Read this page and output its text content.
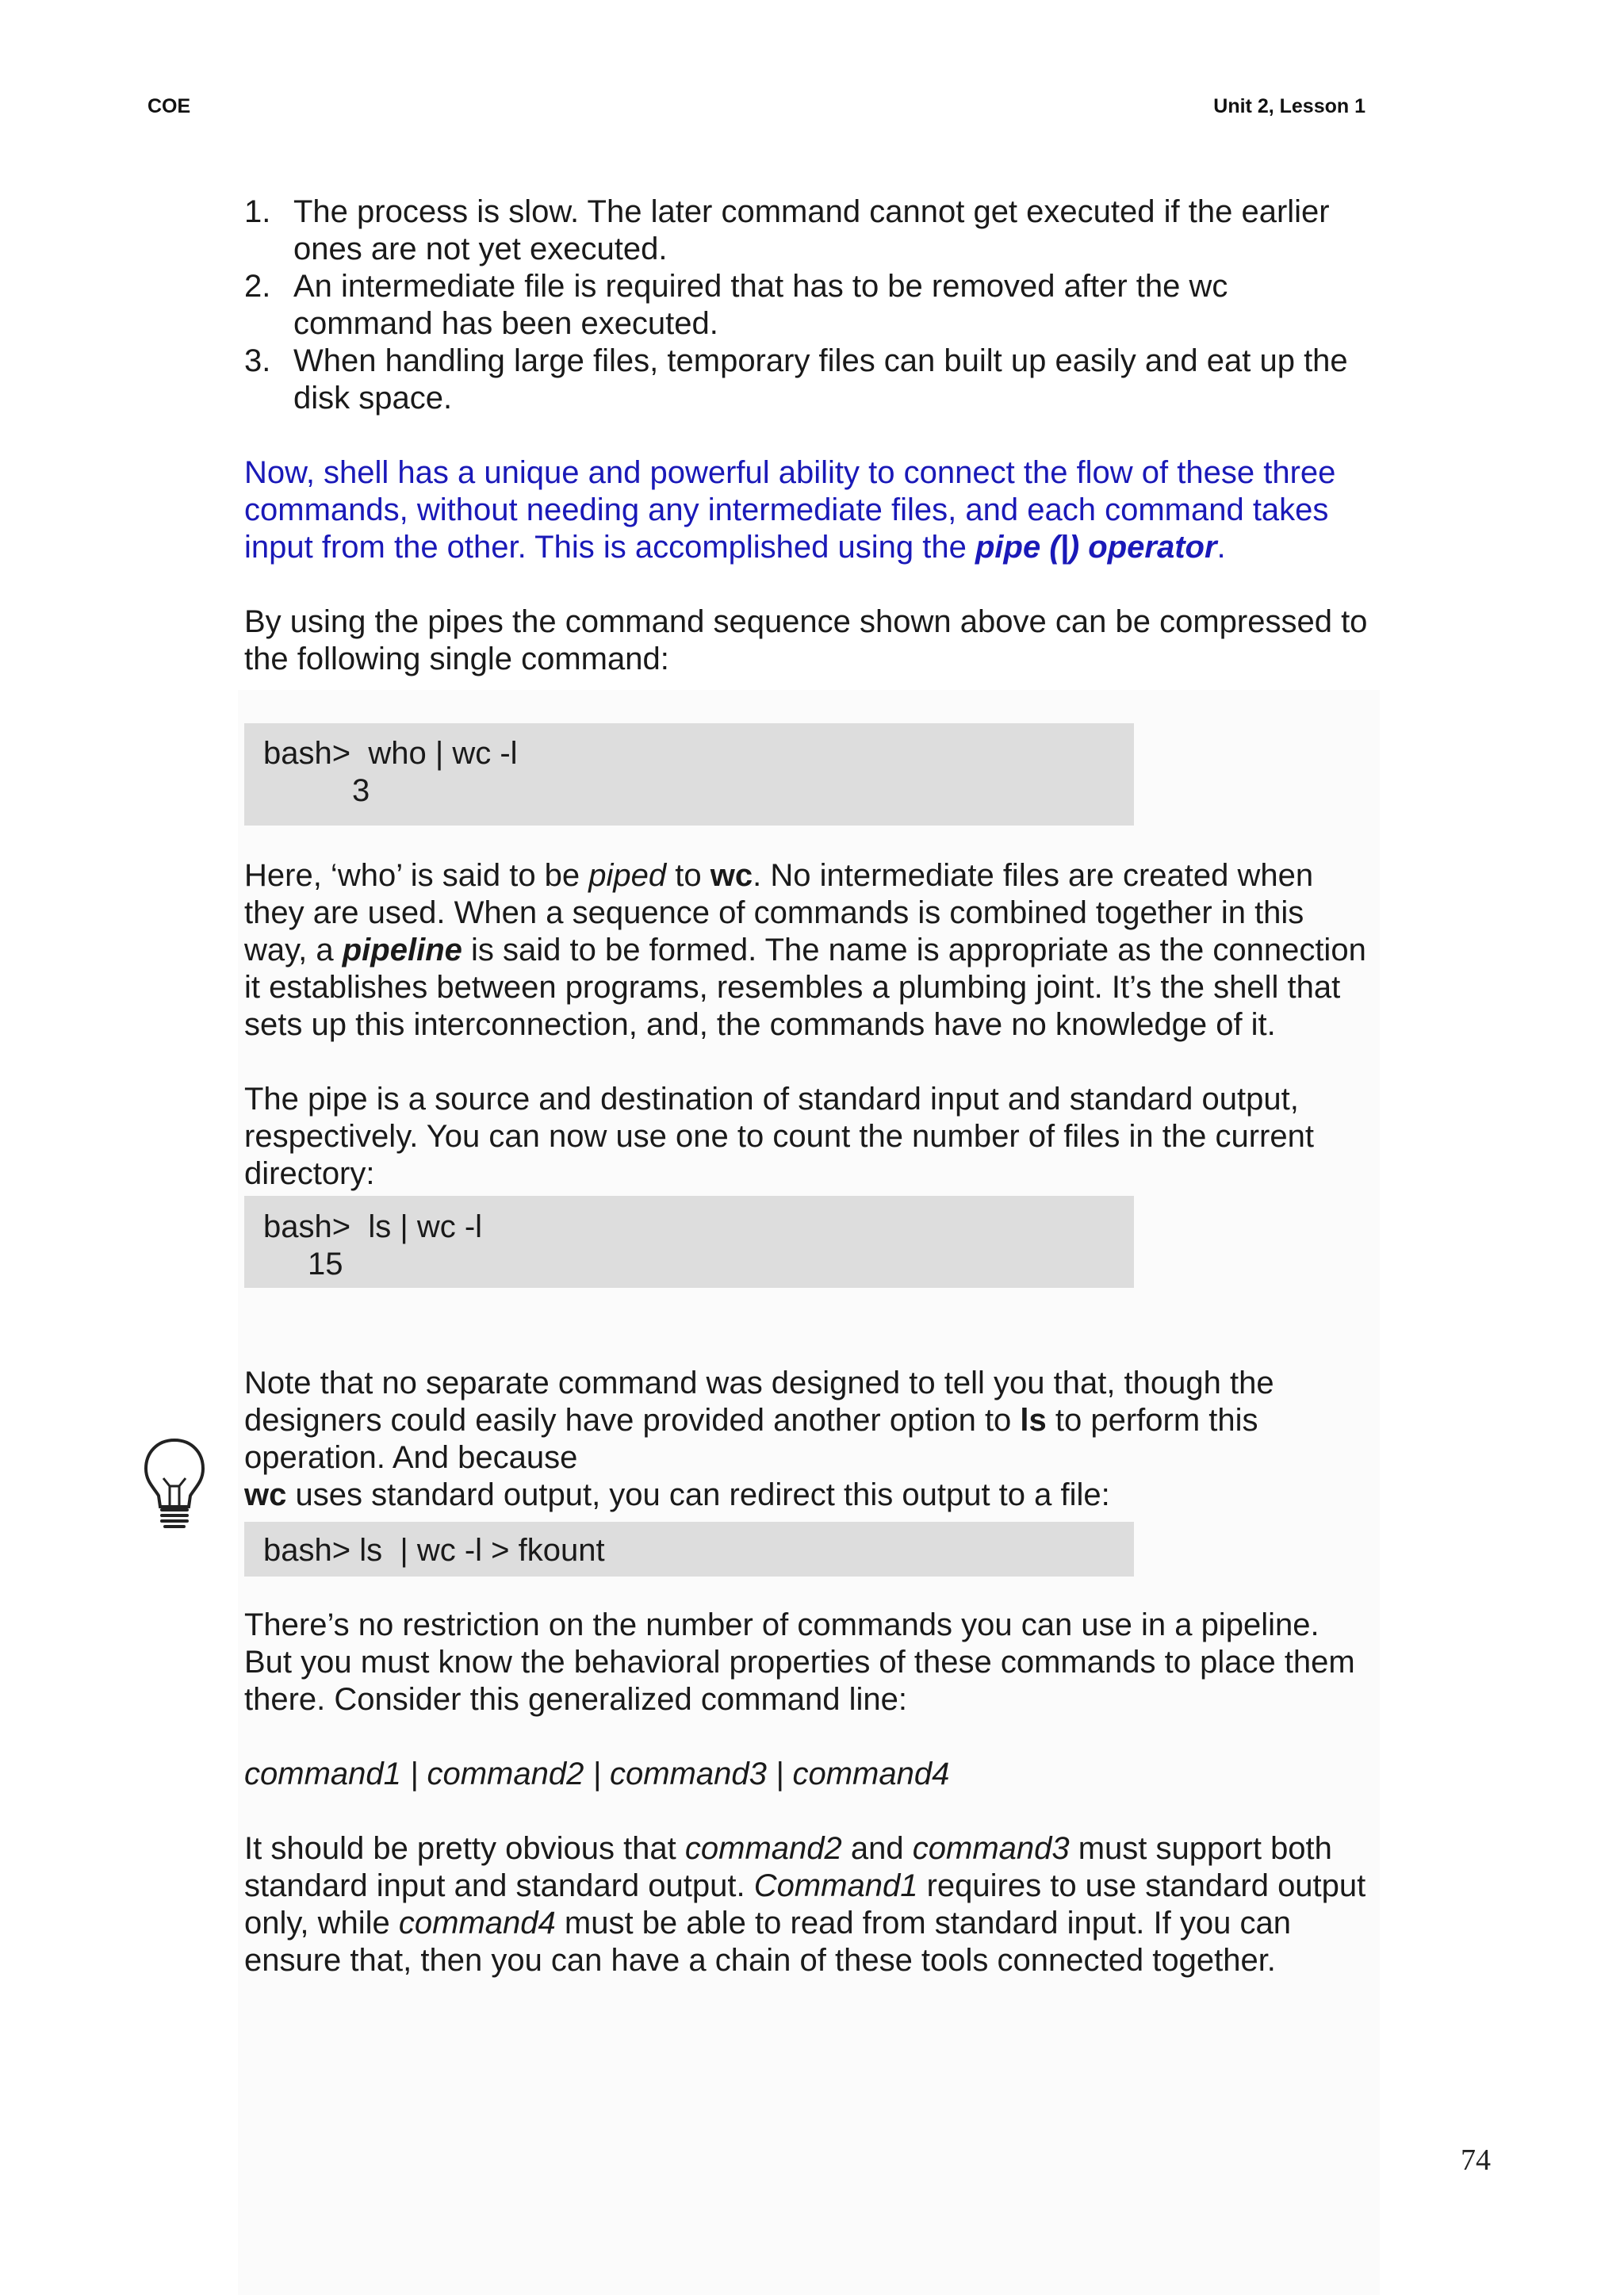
COE	Unit 2, Lesson 1
1. The process is slow. The later command cannot get executed if the earlier ones are not yet executed.
2. An intermediate file is required that has to be removed after the wc command has been executed.
3. When handling large files, temporary files can built up easily and eat up the disk space.

Now, shell has a unique and powerful ability to connect the flow of these three commands, without needing any intermediate files, and each command takes input from the other. This is accomplished using the pipe (|) operator.

By using the pipes the command sequence shown above can be compressed to the following single command:

bash>  who | wc -l
3

Here, ‘who’ is said to be piped to wc. No intermediate files are created when they are used. When a sequence of commands is combined together in this way, a pipeline is said to be formed. The name is appropriate as the connection it establishes between programs, resembles a plumbing joint. It’s the shell that sets up this interconnection, and, the commands have no knowledge of it.

The pipe is a source and destination of standard input and standard output, respectively. You can now use one to count the number of files in the current directory:

bash>  ls | wc -l
15

Note that no separate command was designed to tell you that, though the designers could easily have provided another option to ls to perform this operation. And because
wc uses standard output, you can redirect this output to a file:

bash> ls  | wc -l > fkount

There’s no restriction on the number of commands you can use in a pipeline. But you must know the behavioral properties of these commands to place them there. Consider this generalized command line:

command1 | command2 | command3 | command4

It should be pretty obvious that command2 and command3 must support both standard input and standard output. Command1 requires to use standard output only, while command4 must be able to read from standard input. If you can ensure that, then you can have a chain of these tools connected together.

74
